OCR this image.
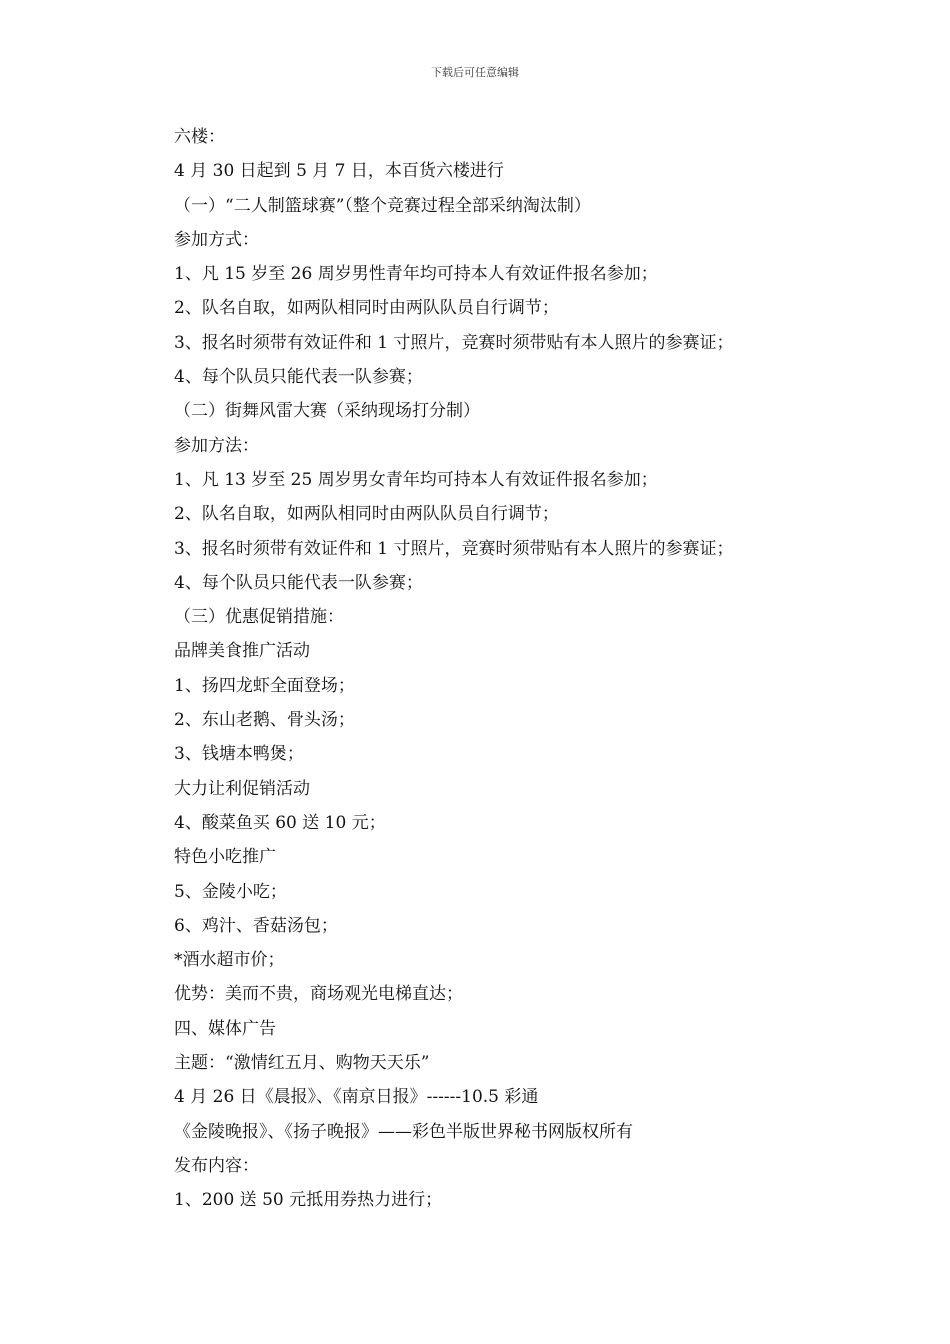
下载后可任意编辑
六楼：
4 月 30 日起到 5 月 7 日，本百货六楼进行
（一）“二人制篮球赛”（整个竞赛过程全部采纳淘汰制）
参加方式：
1、凡 15 岁至 26 周岁男性青年均可持本人有效证件报名参加；
2、队名自取，如两队相同时由两队队员自行调节；
3、报名时须带有效证件和 1 寸照片，竞赛时须带贴有本人照片的参赛证；
4、每个队员只能代表一队参赛；
（二）街舞风雷大赛（采纳现场打分制）
参加方法：
1、凡 13 岁至 25 周岁男女青年均可持本人有效证件报名参加；
2、队名自取，如两队相同时由两队队员自行调节；
3、报名时须带有效证件和 1 寸照片，竞赛时须带贴有本人照片的参赛证；
4、每个队员只能代表一队参赛；
（三）优惠促销措施：
品牌美食推广活动
1、扬四龙虾全面登场；
2、东山老鹅、骨头汤；
3、钱塘本鸭煲；
大力让利促销活动
4、酸菜鱼买 60 送 10 元；
特色小吃推广
5、金陵小吃；
6、鸡汁、香菇汤包；
*酒水超市价；
优势：美而不贵，商场观光电梯直达；
四、媒体广告
主题：“激情红五月、购物天天乐”
4 月 26 日《晨报》、《南京日报》------10.5 彩通
《金陵晚报》、《扬子晚报》——彩色半版世界秘书网版权所有
发布内容：
1、200 送 50 元抵用券热力进行；
